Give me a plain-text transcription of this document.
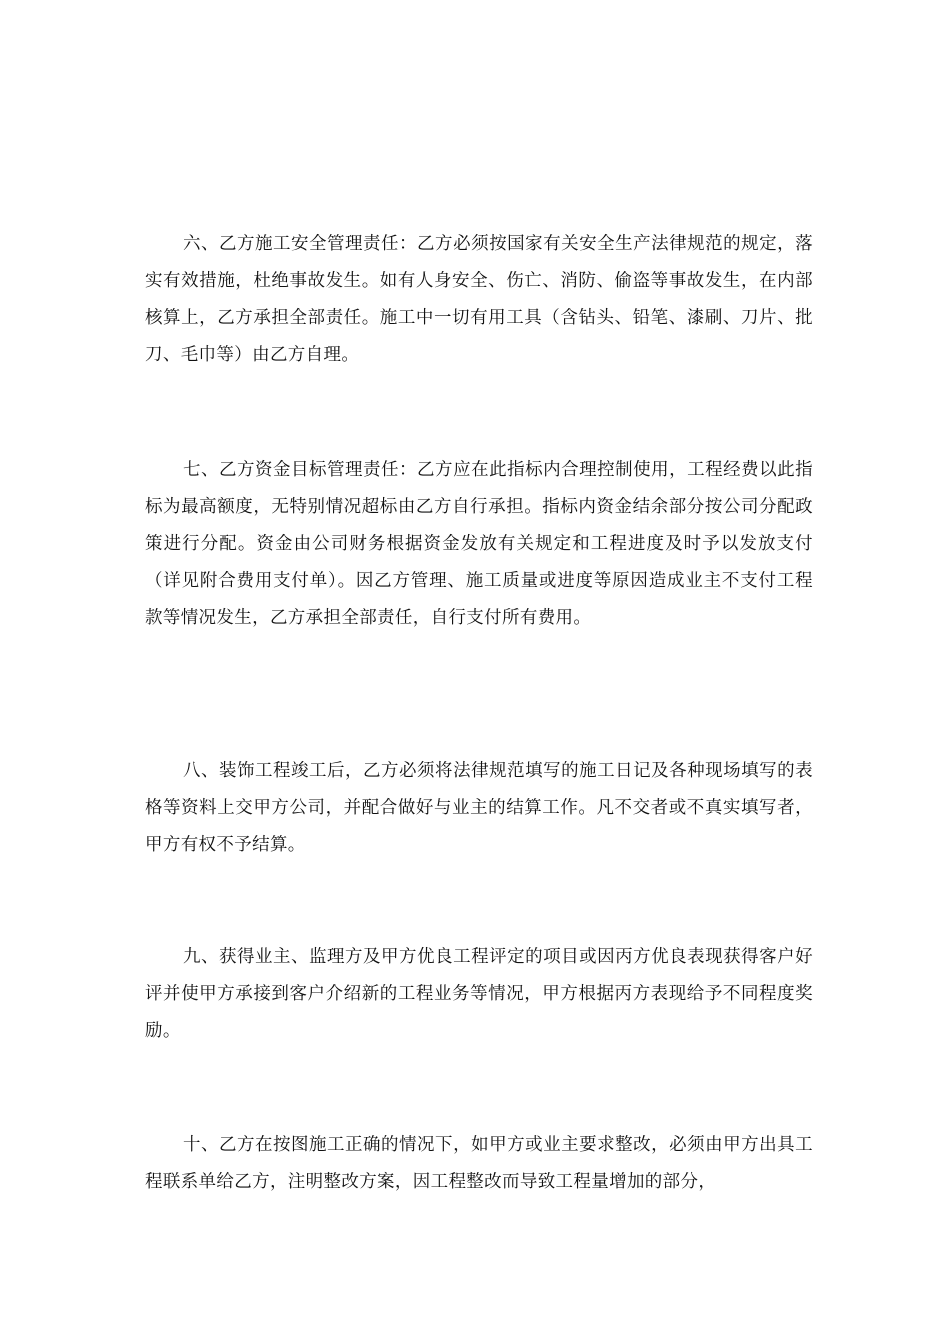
六、乙方施工安全管理责任：乙方必须按国家有关安全生产法律规范的规定，落实有效措施，杜绝事故发生。如有人身安全、伤亡、消防、偷盗等事故发生，在内部核算上，乙方承担全部责任。施工中一切有用工具（含钻头、铅笔、漆刷、刀片、批刀、毛巾等）由乙方自理。

七、乙方资金目标管理责任：乙方应在此指标内合理控制使用，工程经费以此指标为最高额度，无特别情况超标由乙方自行承担。指标内资金结余部分按公司分配政策进行分配。资金由公司财务根据资金发放有关规定和工程进度及时予以发放支付（详见附合费用支付单）。因乙方管理、施工质量或进度等原因造成业主不支付工程款等情况发生，乙方承担全部责任，自行支付所有费用。

八、装饰工程竣工后，乙方必须将法律规范填写的施工日记及各种现场填写的表格等资料上交甲方公司，并配合做好与业主的结算工作。凡不交者或不真实填写者，甲方有权不予结算。

九、获得业主、监理方及甲方优良工程评定的项目或因丙方优良表现获得客户好评并使甲方承接到客户介绍新的工程业务等情况，甲方根据丙方表现给予不同程度奖励。

十、乙方在按图施工正确的情况下，如甲方或业主要求整改，必须由甲方出具工程联系单给乙方，注明整改方案，因工程整改而导致工程量增加的部分，
